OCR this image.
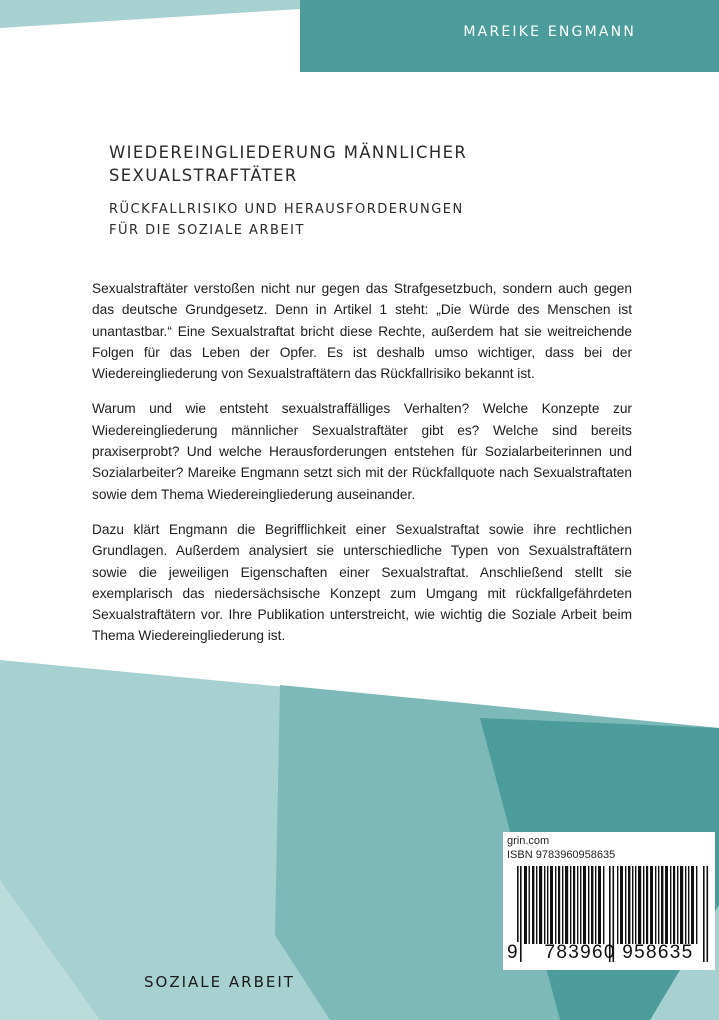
MAREIKE ENGMANN
WIEDEREINGLIEDERUNG MÄNNLICHER
SEXUALSTRAFTÄTER
RÜCKFALLRISIKO UND HERAUSFORDERUNGEN
FÜR DIE SOZIALE ARBEIT

Sexualstraftäter verstoßen nicht nur gegen das Strafgesetzbuch, sondern auch gegen das deutsche Grundgesetz. Denn in Artikel 1 steht: „Die Würde des Menschen ist unantastbar.“ Eine Sexualstraftat bricht diese Rechte, außerdem hat sie weitreichende Folgen für das Leben der Opfer. Es ist deshalb umso wichtiger, dass bei der Wiedereingliederung von Sexualstraftätern das Rückfallrisiko bekannt ist.

Warum und wie entsteht sexualstraffälliges Verhalten? Welche Konzepte zur Wiedereingliederung männlicher Sexualstraftäter gibt es? Welche sind bereits praxiserprobt? Und welche Herausforderungen entstehen für Sozialarbeiterinnen und Sozialarbeiter? Mareike Engmann setzt sich mit der Rückfallquote nach Sexualstraftaten sowie dem Thema Wiedereingliederung auseinander.

Dazu klärt Engmann die Begrifflichkeit einer Sexualstraftat sowie ihre rechtlichen Grundlagen. Außerdem analysiert sie unterschiedliche Typen von Sexualstraftätern sowie die jeweiligen Eigenschaften einer Sexualstraftat. Anschließend stellt sie exemplarisch das niedersächsische Konzept zum Umgang mit rückfallgefährdeten Sexualstraftätern vor. Ihre Publikation unterstreicht, wie wichtig die Soziale Arbeit beim Thema Wiedereingliederung ist.

SOZIALE ARBEIT
grin.com
ISBN 9783960958635
9	783960 958635
